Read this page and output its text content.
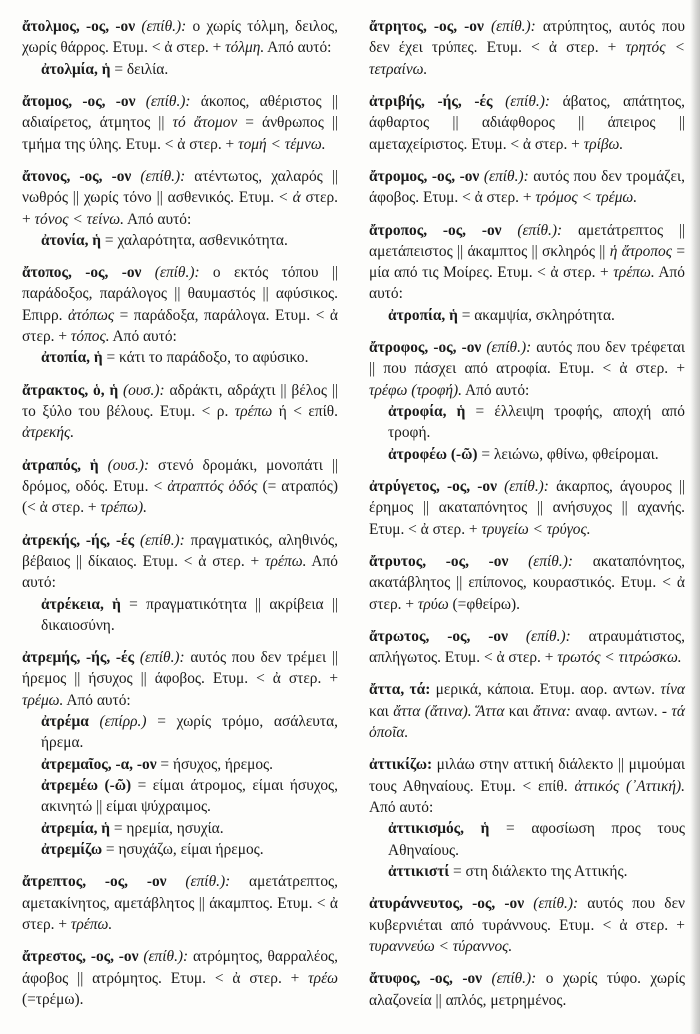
ἄτολμος, -ος, -ον (επίθ.): ο χωρίς τόλμη, δειλος, χωρίς θάρρος. Ετυμ. < ἀ στερ. + τόλμη. Από αυτό:
ἀτολμία, ἡ = δειλία.
ἄτομος, -ος, -ον (επίθ.): άκοπος, αθέριστος || αδιαίρετος, άτμητος || τό ἄτομον = άνθρωπος || τμήμα της ύλης. Ετυμ. < ἀ στερ. + τομή < τέμνω.
ἄτονος, -ος, -ον (επίθ.): ατέντωτος, χαλαρός || νωθρός || χωρίς τόνο || ασθενικός. Ετυμ. < ἀ στερ. + τόνος < τείνω. Από αυτό:
ἀτονία, ἡ = χαλαρότητα, ασθενικότητα.
ἄτοπος, -ος, -ον (επίθ.): ο εκτός τόπου || παράδοξος, παράλογος || θαυμαστός || αφύσικος. Επιρρ. ἀτόπως = παράδοξα, παράλογα. Ετυμ. < ἀ στερ. + τόπος. Από αυτό:
ἀτοπία, ἡ = κάτι το παράδοξο, το αφύσικο.
ἄτρακτος, ὁ, ἡ (ουσ.): αδράκτι, αδράχτι || βέλος || το ξύλο του βέλους. Ετυμ. < ρ. τρέπω ή < επίθ. ἀτρεκής.
ἀτραπός, ἡ (ουσ.): στενό δρομάκι, μονοπάτι || δρόμος, οδός. Ετυμ. < ἀτραπτός ὁδός (= ατραπός) (< ἀ στερ. + τρέπω).
ἀτρεκής, -ής, -ές (επίθ.): πραγματικός, αληθινός, βέβαιος || δίκαιος. Ετυμ. < ἀ στερ. + τρέπω. Από αυτό:
ἀτρέκεια, ἡ = πραγματικότητα || ακρίβεια || δικαιοσύνη.
ἀτρεμής, -ής, -ές (επίθ.): αυτός που δεν τρέμει || ήρεμος || ήσυχος || άφοβος. Ετυμ. < ἀ στερ. + τρέμω. Από αυτό:
ἀτρέμα (επίρρ.) = χωρίς τρόμο, ασάλευτα, ήρεμα.
ἀτρεμαῖος, -α, -ον = ήσυχος, ήρεμος.
ἀτρεμέω (-ῶ) = είμαι άτρομος, είμαι ήσυχος, ακινητώ || είμαι ψύχραιμος.
ἀτρεμία, ἡ = ηρεμία, ησυχία.
ἀτρεμίζω = ησυχάζω, είμαι ήρεμος.
ἄτρεπτος, -ος, -ον (επίθ.): αμετάτρεπτος, αμετακίνητος, αμετάβλητος || άκαμπτος. Ετυμ. < ἀ στερ. + τρέπω.
ἄτρεστος, -ος, -ον (επίθ.): ατρόμητος, θαρραλέος, άφοβος || ατρόμητος. Ετυμ. < ἀ στερ. + τρέω (=τρέμω).
ἄτρητος, -ος, -ον (επίθ.): ατρύπητος, αυτός που δεν έχει τρύπες. Ετυμ. < ἀ στερ. + τρητός < τετραίνω.
ἀτριβής, -ής, -ές (επίθ.): άβατος, απάτητος, άφθαρτος || αδιάφθορος || άπειρος || αμεταχείριστος. Ετυμ. < ἀ στερ. + τρίβω.
ἄτρομος, -ος, -ον (επίθ.): αυτός που δεν τρομάζει, άφοβος. Ετυμ. < ἀ στερ. + τρόμος < τρέμω.
ἄτροπος, -ος, -ον (επίθ.): αμετάτρεπτος || αμετάπειστος || άκαμπτος || σκληρός || ἡ ἄτροπος = μία από τις Μοίρες. Ετυμ. < ἀ στερ. + τρέπω. Από αυτό:
ἀτροπία, ἡ = ακαμψία, σκληρότητα.
ἄτροφος, -ος, -ον (επίθ.): αυτός που δεν τρέφεται || που πάσχει από ατροφία. Ετυμ. < ἀ στερ. + τρέφω (τροφή). Από αυτό:
ἀτροφία, ἡ = έλλειψη τροφής, αποχή από τροφή.
ἀτροφέω (-ῶ) = λειώνω, φθίνω, φθείρομαι.
ἀτρύγετος, -ος, -ον (επίθ.): άκαρπος, άγουρος || έρημος || ακαταπόνητος || ανήσυχος || αχανής. Ετυμ. < ἀ στερ. + τρυγείω < τρύγος.
ἄτρυτος, -ος, -ον (επίθ.): ακαταπόνητος, ακατάβλητος || επίπονος, κουραστικός. Ετυμ. < ἀ στερ. + τρύω (=φθείρω).
ἄτρωτος, -ος, -ον (επίθ.): ατραυμάτιστος, απλήγωτος. Ετυμ. < ἀ στερ. + τρωτός < τιτρώσκω.
ἄττα, τά: μερικά, κάποια. Ετυμ. αορ. αντων. τίνα και ἄττα (ἄτινα). Ἅττα και ἄτινα: αναφ. αντων. - τά ὁποῖα.
ἀττικίζω: μιλάω στην αττική διάλεκτο || μιμούμαι τους Αθηναίους. Ετυμ. < επίθ. ἀττικός (᾽Αττική). Από αυτό:
ἀττικισμός, ἡ = αφοσίωση προς τους Αθηναίους.
ἀττικιστί = στη διάλεκτο της Αττικής.
ἀτυράννευτος, -ος, -ον (επίθ.): αυτός που δεν κυβερνιέται από τυράννους. Ετυμ. < ἀ στερ. + τυραννεύω < τύραννος.
ἄτυφος, -ος, -ον (επίθ.): ο χωρίς τύφο. χωρίς αλαζονεία || απλός, μετρημένος.
